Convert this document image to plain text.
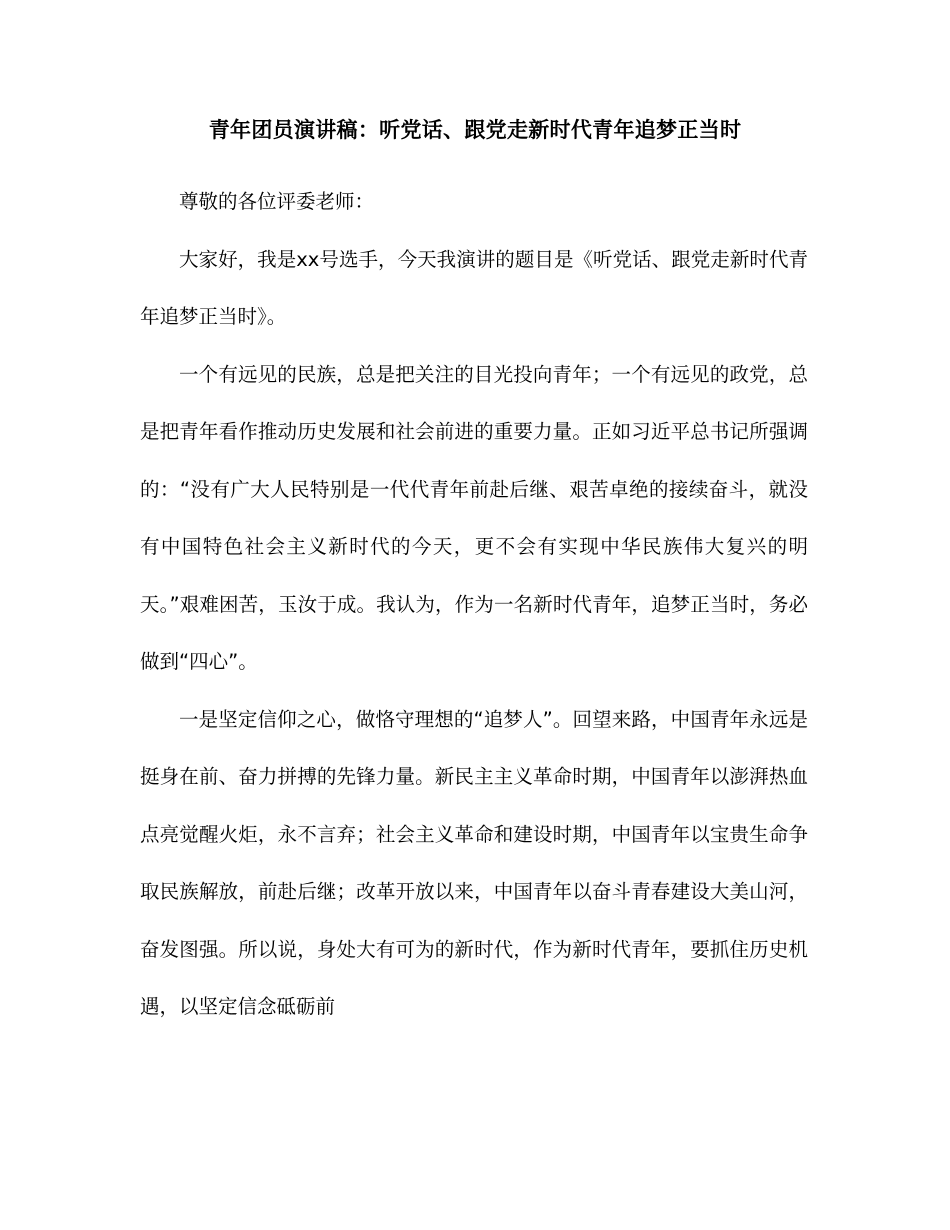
青年团员演讲稿：听党话、跟党走新时代青年追梦正当时

尊敬的各位评委老师：

大家好，我是xx号选手，今天我演讲的题目是《听党话、跟党走新时代青年追梦正当时》。

一个有远见的民族，总是把关注的目光投向青年；一个有远见的政党，总是把青年看作推动历史发展和社会前进的重要力量。正如习近平总书记所强调的：“没有广大人民特别是一代代青年前赴后继、艰苦卓绝的接续奋斗，就没有中国特色社会主义新时代的今天，更不会有实现中华民族伟大复兴的明天。”艰难困苦，玉汝于成。我认为，作为一名新时代青年，追梦正当时，务必做到“四心”。

一是坚定信仰之心，做恪守理想的“追梦人”。回望来路，中国青年永远是挺身在前、奋力拼搏的先锋力量。新民主主义革命时期，中国青年以澎湃热血点亮觉醒火炬，永不言弃；社会主义革命和建设时期，中国青年以宝贵生命争取民族解放，前赴后继；改革开放以来，中国青年以奋斗青春建设大美山河，奋发图强。所以说，身处大有可为的新时代，作为新时代青年，要抓住历史机遇，以坚定信念砥砺前
